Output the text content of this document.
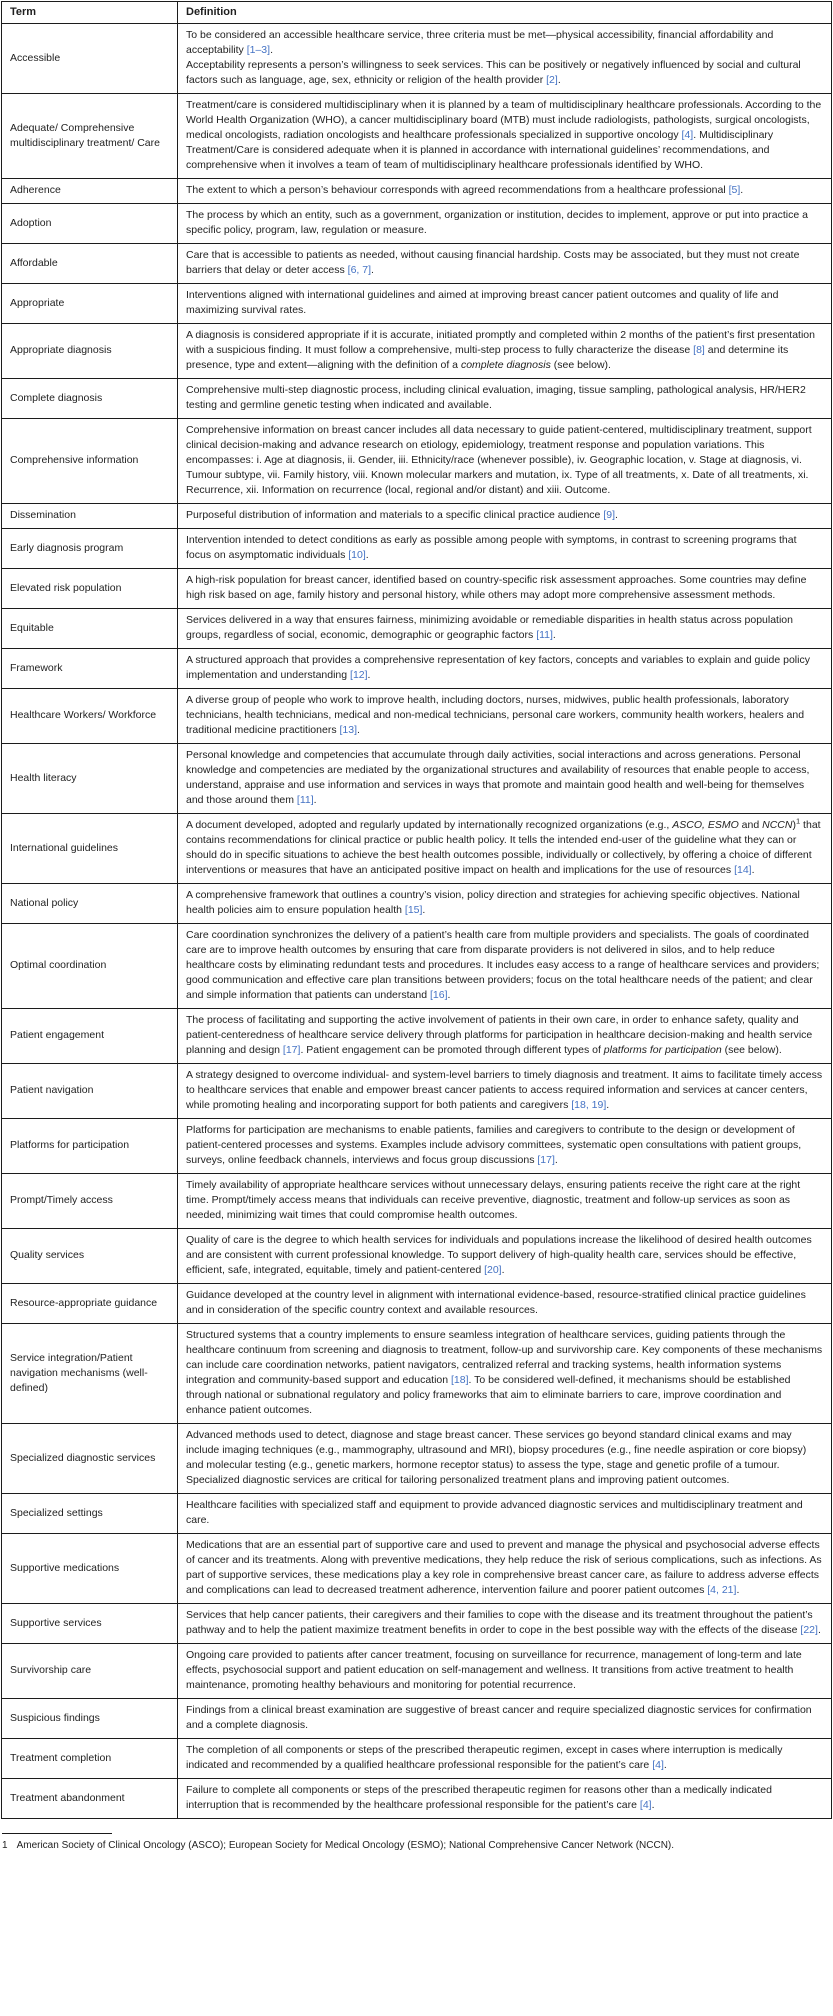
Term	Definition
Accessible	To be considered an accessible healthcare service, three criteria must be met—physical accessibility, financial affordability and acceptability [1–3].
Acceptability represents a person’s willingness to seek services. This can be positively or negatively influenced by social and cultural factors such as language, age, sex, ethnicity or religion of the health provider [2].
Adequate/ Comprehensive multidisciplinary treatment/ Care	Treatment/care is considered multidisciplinary when it is planned by a team of multidisciplinary healthcare professionals. According to the World Health Organization (WHO), a cancer multidisciplinary board (MTB) must include radiologists, pathologists, surgical oncologists, medical oncologists, radiation oncologists and healthcare professionals specialized in supportive oncology [4]. Multidisciplinary Treatment/Care is considered adequate when it is planned in accordance with international guidelines’ recommendations, and comprehensive when it involves a team of team of multidisciplinary healthcare professionals identified by WHO.
Adherence	The extent to which a person’s behaviour corresponds with agreed recommendations from a healthcare professional [5].
Adoption	The process by which an entity, such as a government, organization or institution, decides to implement, approve or put into practice a specific policy, program, law, regulation or measure.
Affordable	Care that is accessible to patients as needed, without causing financial hardship. Costs may be associated, but they must not create barriers that delay or deter access [6, 7].
Appropriate	Interventions aligned with international guidelines and aimed at improving breast cancer patient outcomes and quality of life and maximizing survival rates.
Appropriate diagnosis	A diagnosis is considered appropriate if it is accurate, initiated promptly and completed within 2 months of the patient’s first presentation with a suspicious finding. It must follow a comprehensive, multi-step process to fully characterize the disease [8] and determine its presence, type and extent—aligning with the definition of a complete diagnosis (see below).
Complete diagnosis	Comprehensive multi-step diagnostic process, including clinical evaluation, imaging, tissue sampling, pathological analysis, HR/HER2 testing and germline genetic testing when indicated and available.
Comprehensive information	Comprehensive information on breast cancer includes all data necessary to guide patient-centered, multidisciplinary treatment, support clinical decision-making and advance research on etiology, epidemiology, treatment response and population variations. This encompasses: i. Age at diagnosis, ii. Gender, iii. Ethnicity/race (whenever possible), iv. Geographic location, v. Stage at diagnosis, vi. Tumour subtype, vii. Family history, viii. Known molecular markers and mutation, ix. Type of all treatments, x. Date of all treatments, xi. Recurrence, xii. Information on recurrence (local, regional and/or distant) and xiii. Outcome.
Dissemination	Purposeful distribution of information and materials to a specific clinical practice audience [9].
Early diagnosis program	Intervention intended to detect conditions as early as possible among people with symptoms, in contrast to screening programs that focus on asymptomatic individuals [10].
Elevated risk population	A high-risk population for breast cancer, identified based on country-specific risk assessment approaches. Some countries may define high risk based on age, family history and personal history, while others may adopt more comprehensive assessment methods.
Equitable	Services delivered in a way that ensures fairness, minimizing avoidable or remediable disparities in health status across population groups, regardless of social, economic, demographic or geographic factors [11].
Framework	A structured approach that provides a comprehensive representation of key factors, concepts and variables to explain and guide policy implementation and understanding [12].
Healthcare Workers/ Workforce	A diverse group of people who work to improve health, including doctors, nurses, midwives, public health professionals, laboratory technicians, health technicians, medical and non-medical technicians, personal care workers, community health workers, healers and traditional medicine practitioners [13].
Health literacy	Personal knowledge and competencies that accumulate through daily activities, social interactions and across generations. Personal knowledge and competencies are mediated by the organizational structures and availability of resources that enable people to access, understand, appraise and use information and services in ways that promote and maintain good health and well-being for themselves and those around them [11].
International guidelines	A document developed, adopted and regularly updated by internationally recognized organizations (e.g., ASCO, ESMO and NCCN)$^1$ that contains recommendations for clinical practice or public health policy. It tells the intended end-user of the guideline what they can or should do in specific situations to achieve the best health outcomes possible, individually or collectively, by offering a choice of different interventions or measures that have an anticipated positive impact on health and implications for the use of resources [14].
National policy	A comprehensive framework that outlines a country’s vision, policy direction and strategies for achieving specific objectives. National health policies aim to ensure population health [15].
Optimal coordination	Care coordination synchronizes the delivery of a patient’s health care from multiple providers and specialists. The goals of coordinated care are to improve health outcomes by ensuring that care from disparate providers is not delivered in silos, and to help reduce healthcare costs by eliminating redundant tests and procedures. It includes easy access to a range of healthcare services and providers; good communication and effective care plan transitions between providers; focus on the total healthcare needs of the patient; and clear and simple information that patients can understand [16].
Patient engagement	The process of facilitating and supporting the active involvement of patients in their own care, in order to enhance safety, quality and patient-centeredness of healthcare service delivery through platforms for participation in healthcare decision-making and health service planning and design [17]. Patient engagement can be promoted through different types of platforms for participation (see below).
Patient navigation	A strategy designed to overcome individual- and system-level barriers to timely diagnosis and treatment. It aims to facilitate timely access to healthcare services that enable and empower breast cancer patients to access required information and services at cancer centers, while promoting healing and incorporating support for both patients and caregivers [18, 19].
Platforms for participation	Platforms for participation are mechanisms to enable patients, families and caregivers to contribute to the design or development of patient-centered processes and systems. Examples include advisory committees, systematic open consultations with patient groups, surveys, online feedback channels, interviews and focus group discussions [17].
Prompt/Timely access	Timely availability of appropriate healthcare services without unnecessary delays, ensuring patients receive the right care at the right time. Prompt/timely access means that individuals can receive preventive, diagnostic, treatment and follow-up services as soon as needed, minimizing wait times that could compromise health outcomes.
Quality services	Quality of care is the degree to which health services for individuals and populations increase the likelihood of desired health outcomes and are consistent with current professional knowledge. To support delivery of high-quality health care, services should be effective, efficient, safe, integrated, equitable, timely and patient-centered [20].
Resource-appropriate guidance	Guidance developed at the country level in alignment with international evidence-based, resource-stratified clinical practice guidelines and in consideration of the specific country context and available resources.
Service integration/Patient navigation mechanisms (well-defined)	Structured systems that a country implements to ensure seamless integration of healthcare services, guiding patients through the healthcare continuum from screening and diagnosis to treatment, follow-up and survivorship care. Key components of these mechanisms can include care coordination networks, patient navigators, centralized referral and tracking systems, health information systems integration and community-based support and education [18]. To be considered well-defined, it mechanisms should be established through national or subnational regulatory and policy frameworks that aim to eliminate barriers to care, improve coordination and enhance patient outcomes.
Specialized diagnostic services	Advanced methods used to detect, diagnose and stage breast cancer. These services go beyond standard clinical exams and may include imaging techniques (e.g., mammography, ultrasound and MRI), biopsy procedures (e.g., fine needle aspiration or core biopsy) and molecular testing (e.g., genetic markers, hormone receptor status) to assess the type, stage and genetic profile of a tumour. Specialized diagnostic services are critical for tailoring personalized treatment plans and improving patient outcomes.
Specialized settings	Healthcare facilities with specialized staff and equipment to provide advanced diagnostic services and multidisciplinary treatment and care.
Supportive medications	Medications that are an essential part of supportive care and used to prevent and manage the physical and psychosocial adverse effects of cancer and its treatments. Along with preventive medications, they help reduce the risk of serious complications, such as infections. As part of supportive services, these medications play a key role in comprehensive breast cancer care, as failure to address adverse effects and complications can lead to decreased treatment adherence, intervention failure and poorer patient outcomes [4, 21].
Supportive services	Services that help cancer patients, their caregivers and their families to cope with the disease and its treatment throughout the patient’s pathway and to help the patient maximize treatment benefits in order to cope in the best possible way with the effects of the disease [22].
Survivorship care	Ongoing care provided to patients after cancer treatment, focusing on surveillance for recurrence, management of long-term and late effects, psychosocial support and patient education on self-management and wellness. It transitions from active treatment to health maintenance, promoting healthy behaviours and monitoring for potential recurrence.
Suspicious findings	Findings from a clinical breast examination are suggestive of breast cancer and require specialized diagnostic services for confirmation and a complete diagnosis.
Treatment completion	The completion of all components or steps of the prescribed therapeutic regimen, except in cases where interruption is medically indicated and recommended by a qualified healthcare professional responsible for the patient’s care [4].
Treatment abandonment	Failure to complete all components or steps of the prescribed therapeutic regimen for reasons other than a medically indicated interruption that is recommended by the healthcare professional responsible for the patient’s care [4].
1 American Society of Clinical Oncology (ASCO); European Society for Medical Oncology (ESMO); National Comprehensive Cancer Network (NCCN).
